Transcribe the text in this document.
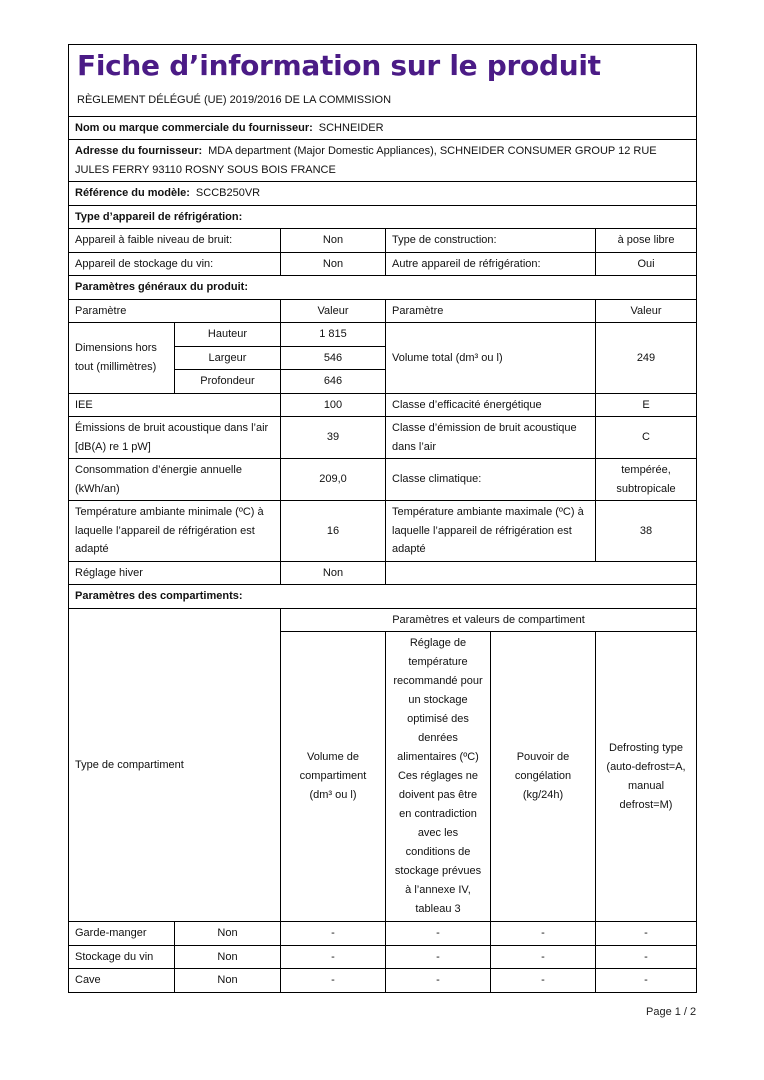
Fiche d’information sur le produit
RÈGLEMENT DÉLÉGUÉ (UE) 2019/2016 DE LA COMMISSION					

Nom ou marque commerciale du fournisseur: SCHNEIDER					
Adresse du fournisseur: MDA department (Major Domestic Appliances), SCHNEIDER CONSUMER GROUP 12 RUE JULES FERRY 93110 ROSNY SOUS BOIS FRANCE					
Référence du modèle: SCCB250VR					
Type d’appareil de réfrigération:					
Appareil à faible niveau de bruit:		Non	Type de construction:		à pose libre
Appareil de stockage du vin:		Non	Autre appareil de réfrigération:		Oui
Paramètres généraux du produit:					
Paramètre		Valeur	Paramètre		Valeur
Dimensions hors tout (millimètres)	Hauteur	1 815	Volume total (dm³ ou l)		249
	Largeur	546			
	Profondeur	646			
IEE		100	Classe d’efficacité énergétique		E
Émissions de bruit acoustique dans l’air [dB(A) re 1 pW]		39	Classe d’émission de bruit acoustique dans l’air		C
Consommation d’énergie annuelle (kWh/an)		209,0	Classe climatique:		tempérée, subtropicale
Température ambiante minimale (ºC) à laquelle l’appareil de réfrigération est adapté		16	Température ambiante maximale (ºC) à laquelle l’appareil de réfrigération est adapté		38
Réglage hiver		Non			
Paramètres des compartiments:					
Type de compartiment		Paramètres et valeurs de compartiment			
		Volume de compartiment (dm³ ou l)	Réglage de température recommandé pour un stockage optimisé des denrées alimentaires (ºC) Ces réglages ne doivent pas être en contradiction avec les conditions de stockage prévues à l’annexe IV, tableau 3	Pouvoir de congélation (kg/24h)	Defrosting type (auto-defrost=A, manual defrost=M)
Garde-manger	Non	-	-	-	-
Stockage du vin	Non	-	-	-	-
Cave	Non	-	-	-	-
Page 1 / 2
